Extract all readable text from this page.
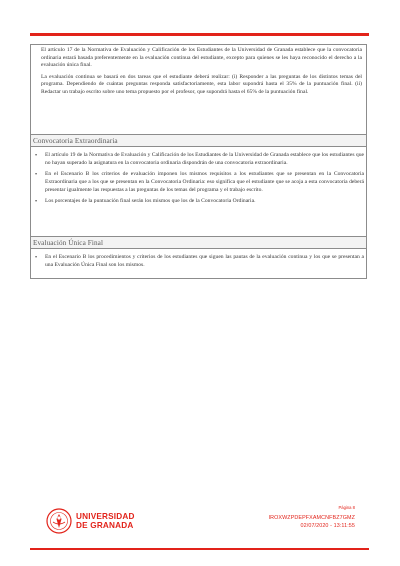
El artículo 17 de la Normativa de Evaluación y Calificación de los Estudiantes de la Universidad de Granada establece que la convocatoria ordinaria estará basada preferentemente en la evaluación continua del estudiante, excepto para quienes se les haya reconocido el derecho a la evaluación única final.

La evaluación continua se basará en dos tareas que el estudiante deberá realizar: (i) Responder a las preguntas de los distintos temas del programa. Dependiendo de cuántas preguntas responda satisfactoriamente, esta labor supondrá hasta el 35% de la puntuación final. (ii) Redactar un trabajo escrito sobre uno tema propuesto por el profesor, que supondrá hasta el 65% de la puntuación final.

Convocatoria Extraordinaria
• El artículo 19 de la Normativa de Evaluación y Calificación de los Estudiantes de la Universidad de Granada establece que los estudiantes que no hayan superado la asignatura en la convocatoria ordinaria dispondrán de una convocatoria extraordinaria.
• En el Escenario B los criterios de evaluación imponen los mismos requisitos a los estudiantes que se presentan en la Convocatoria Extraordinaria que a los que se presentan en la Convocatoria Ordinaria: eso significa que el estudiante que se acoja a esta convocatoria deberá presentar igualmente las respuestas a las preguntas de los temas del programa y el trabajo escrito.
• Los porcentajes de la puntuación final serán los mismos que los de la Convocatoria Ordinaria.
Evaluación Única Final
• En el Escenario B los procedimientos y criterios de los estudiantes que siguen las pautas de la evaluación continua y los que se presentan a una Evaluación Única Final son los mismos.
UNIVERSIDAD
DE GRANADA
Página 8
IROXWZPDEPFXAMCNFBZ7GMZ
02/07/2020 - 13:11:55
